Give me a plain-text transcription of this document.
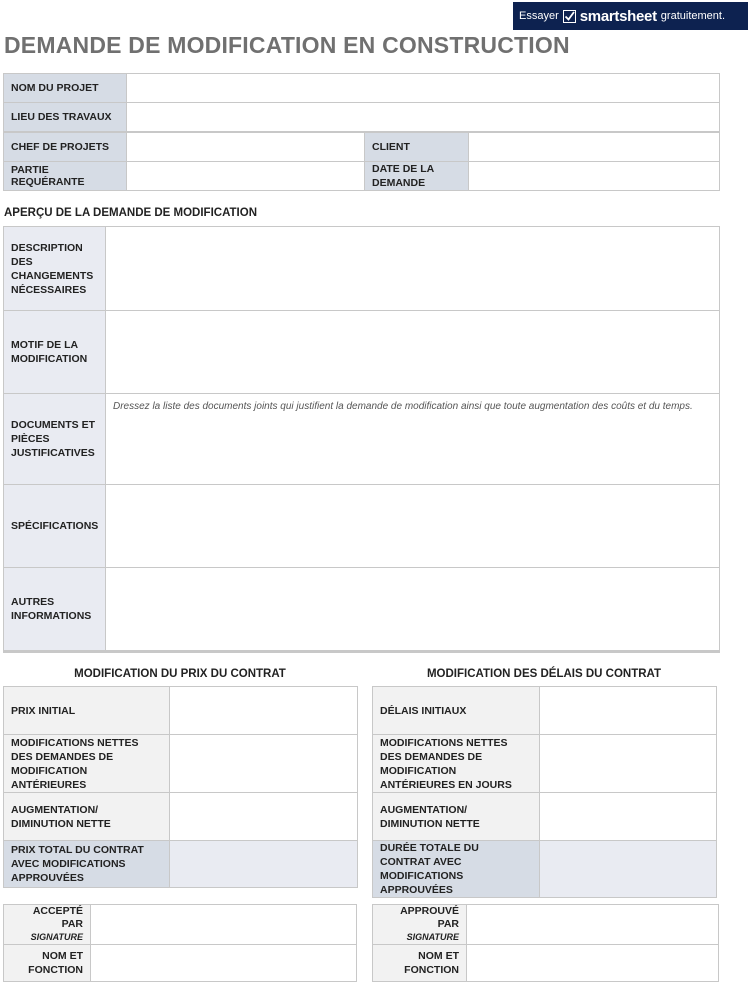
Essayer smartsheet gratuitement.
DEMANDE DE MODIFICATION EN CONSTRUCTION
NOM DU PROJET	
LIEU DES TRAVAUX	
CHEF DE PROJETS		CLIENT	
PARTIE REQUÉRANTE		DATE DE LA DEMANDE	
APERÇU DE LA DEMANDE DE MODIFICATION
DESCRIPTION DES CHANGEMENTS NÉCESSAIRES	
MOTIF DE LA MODIFICATION	
DOCUMENTS ET PIÈCES JUSTIFICATIVES	Dressez la liste des documents joints qui justifient la demande de modification ainsi que toute augmentation des coûts et du temps.
SPÉCIFICATIONS	
AUTRES INFORMATIONS	
MODIFICATION DU PRIX DU CONTRAT
PRIX INITIAL	
MODIFICATIONS NETTES DES DEMANDES DE MODIFICATION ANTÉRIEURES	
AUGMENTATION/ DIMINUTION NETTE	
PRIX TOTAL DU CONTRAT AVEC MODIFICATIONS APPROUVÉES	
MODIFICATION DES DÉLAIS DU CONTRAT
DÉLAIS INITIAUX	
MODIFICATIONS NETTES DES DEMANDES DE MODIFICATION ANTÉRIEURES EN JOURS	
AUGMENTATION/ DIMINUTION NETTE	
DURÉE TOTALE DU CONTRAT AVEC MODIFICATIONS APPROUVÉES	
ACCEPTÉ PAR
SIGNATURE	

NOM ET FONCTION	
APPROUVÉ PAR
SIGNATURE	

NOM ET FONCTION	
